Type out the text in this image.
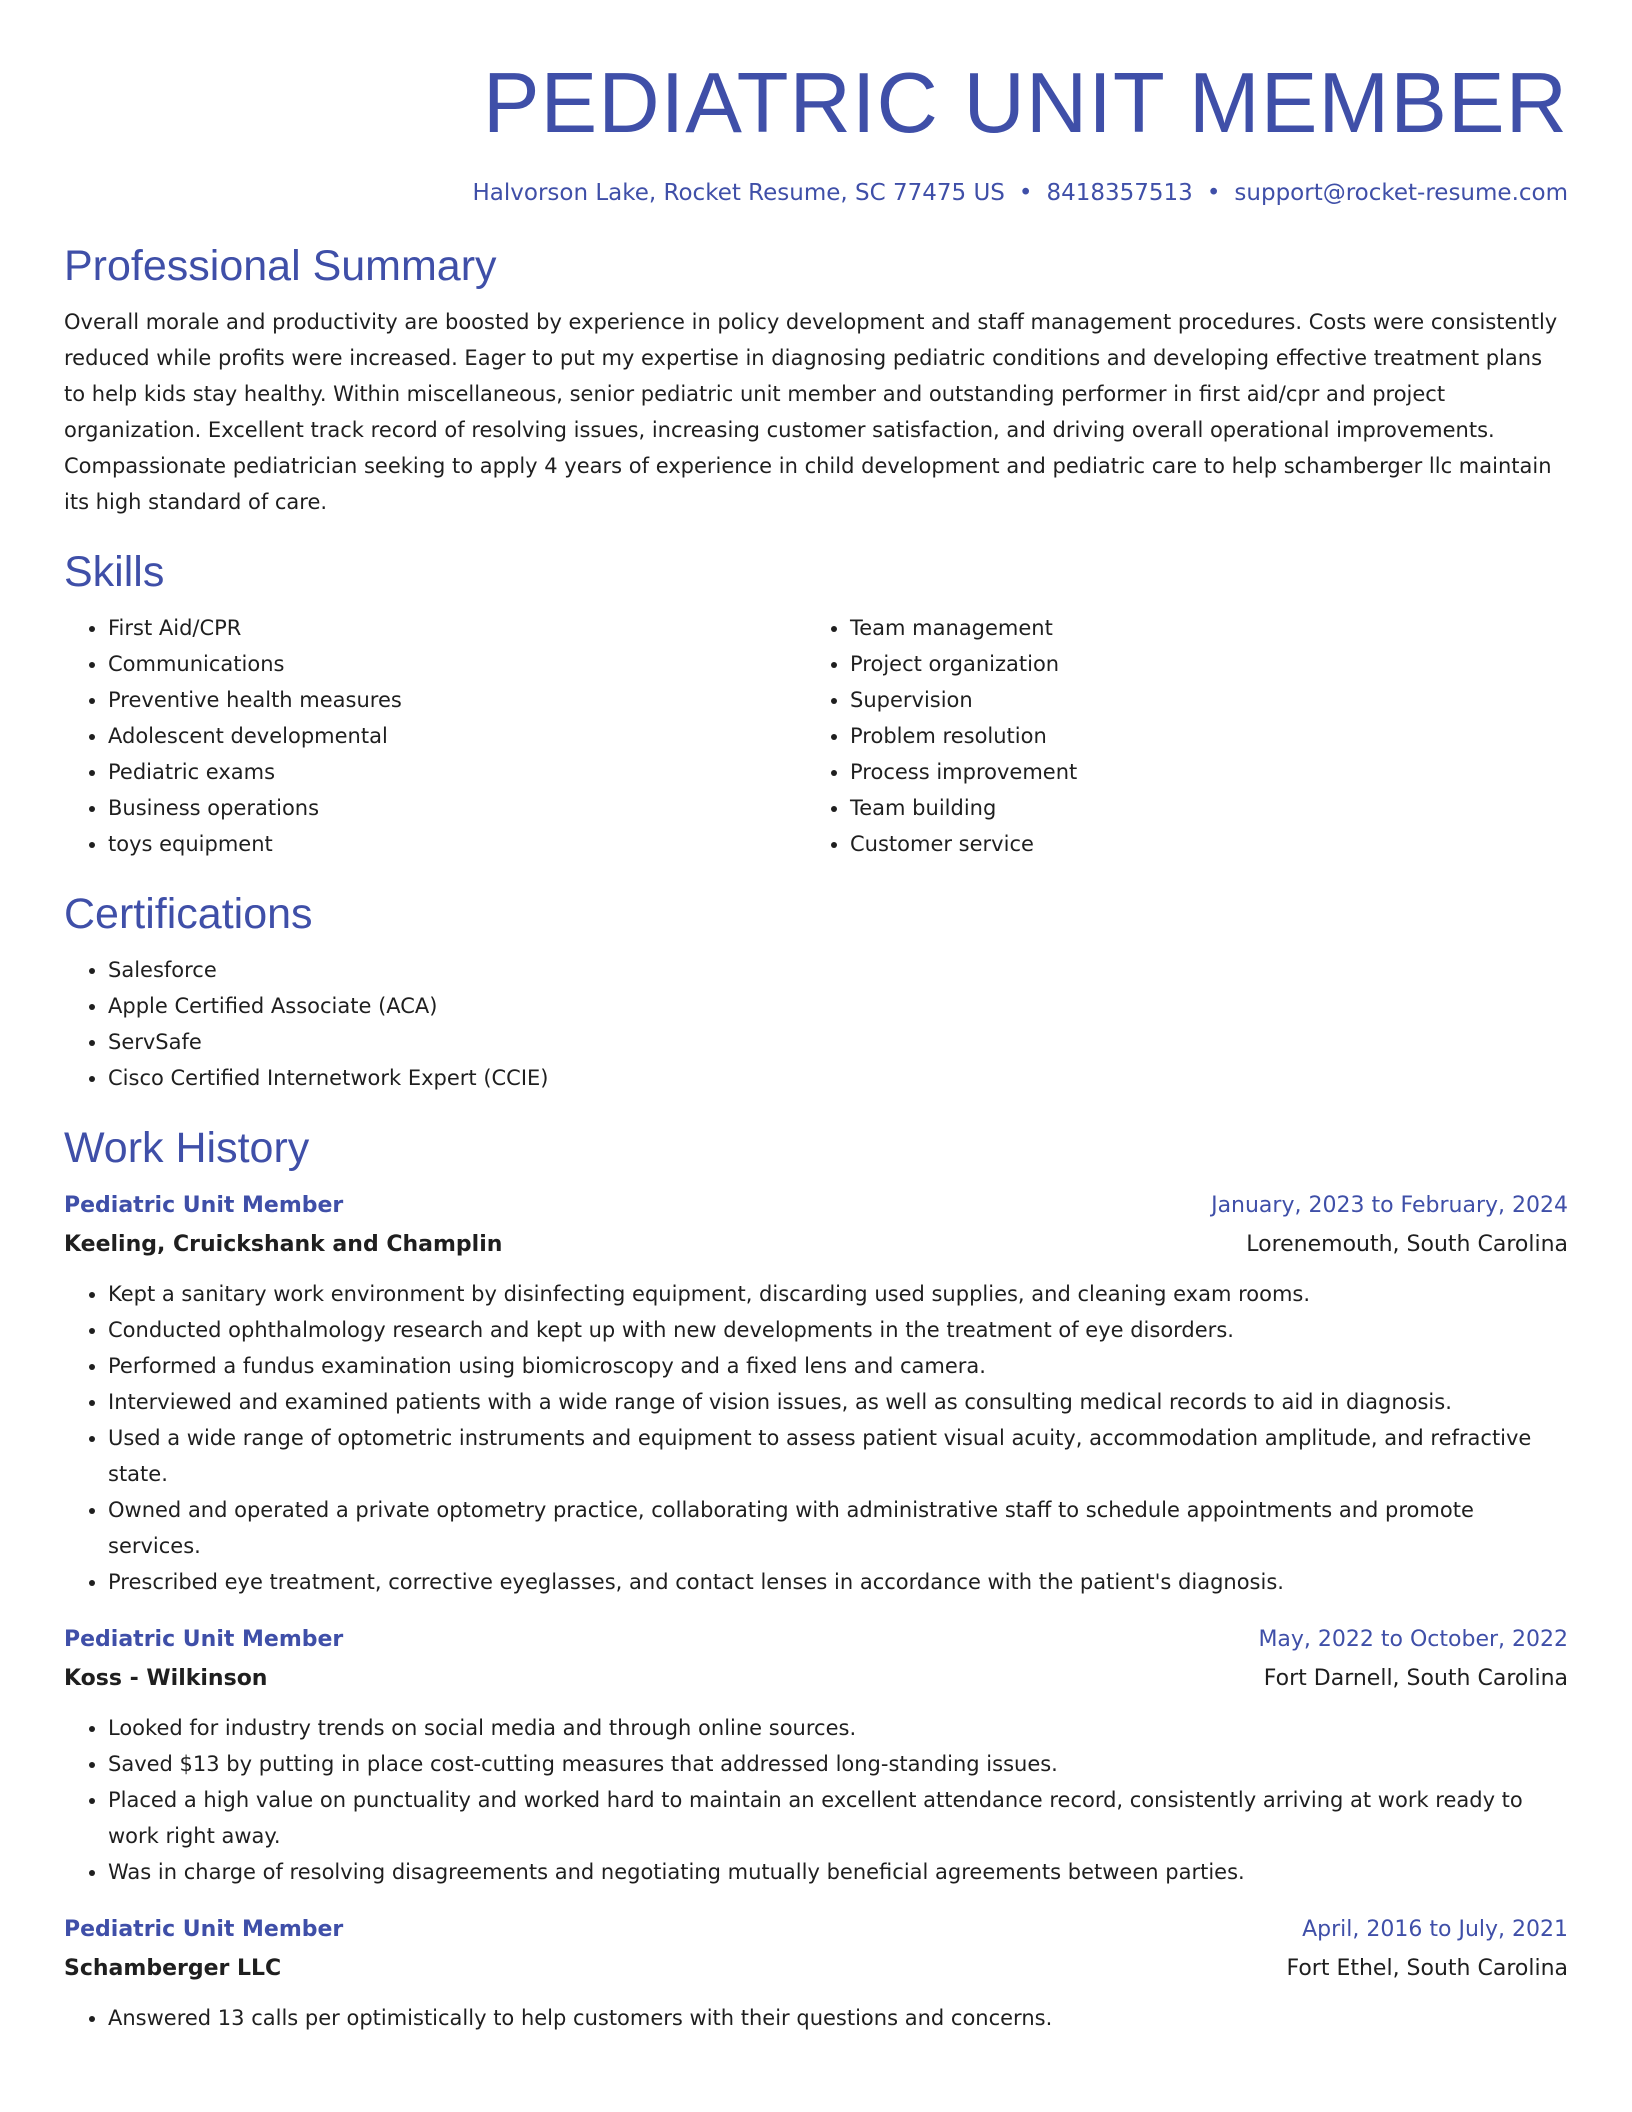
PEDIATRIC UNIT MEMBER
Halvorson Lake, Rocket Resume, SC 77475 US • 8418357513 • support@rocket-resume.com
Professional Summary
Overall morale and productivity are boosted by experience in policy development and staff management procedures. Costs were consistently reduced while profits were increased. Eager to put my expertise in diagnosing pediatric conditions and developing effective treatment plans to help kids stay healthy. Within miscellaneous, senior pediatric unit member and outstanding performer in first aid/cpr and project organization. Excellent track record of resolving issues, increasing customer satisfaction, and driving overall operational improvements. Compassionate pediatrician seeking to apply 4 years of experience in child development and pediatric care to help schamberger llc maintain its high standard of care.
Skills
• First Aid/CPR
• Communications
• Preventive health measures
• Adolescent developmental
• Pediatric exams
• Business operations
• toys equipment
• Team management
• Project organization
• Supervision
• Problem resolution
• Process improvement
• Team building
• Customer service
Certifications
• Salesforce
• Apple Certified Associate (ACA)
• ServSafe
• Cisco Certified Internetwork Expert (CCIE)
Work History
Pediatric Unit Member	January, 2023 to February, 2024
Keeling, Cruickshank and Champlin	Lorenemouth, South Carolina
• Kept a sanitary work environment by disinfecting equipment, discarding used supplies, and cleaning exam rooms.
• Conducted ophthalmology research and kept up with new developments in the treatment of eye disorders.
• Performed a fundus examination using biomicroscopy and a fixed lens and camera.
• Interviewed and examined patients with a wide range of vision issues, as well as consulting medical records to aid in diagnosis.
• Used a wide range of optometric instruments and equipment to assess patient visual acuity, accommodation amplitude, and refractive state.
• Owned and operated a private optometry practice, collaborating with administrative staff to schedule appointments and promote services.
• Prescribed eye treatment, corrective eyeglasses, and contact lenses in accordance with the patient's diagnosis.
Pediatric Unit Member	May, 2022 to October, 2022
Koss - Wilkinson	Fort Darnell, South Carolina
• Looked for industry trends on social media and through online sources.
• Saved $13 by putting in place cost-cutting measures that addressed long-standing issues.
• Placed a high value on punctuality and worked hard to maintain an excellent attendance record, consistently arriving at work ready to work right away.
• Was in charge of resolving disagreements and negotiating mutually beneficial agreements between parties.
Pediatric Unit Member	April, 2016 to July, 2021
Schamberger LLC	Fort Ethel, South Carolina
• Answered 13 calls per optimistically to help customers with their questions and concerns.
